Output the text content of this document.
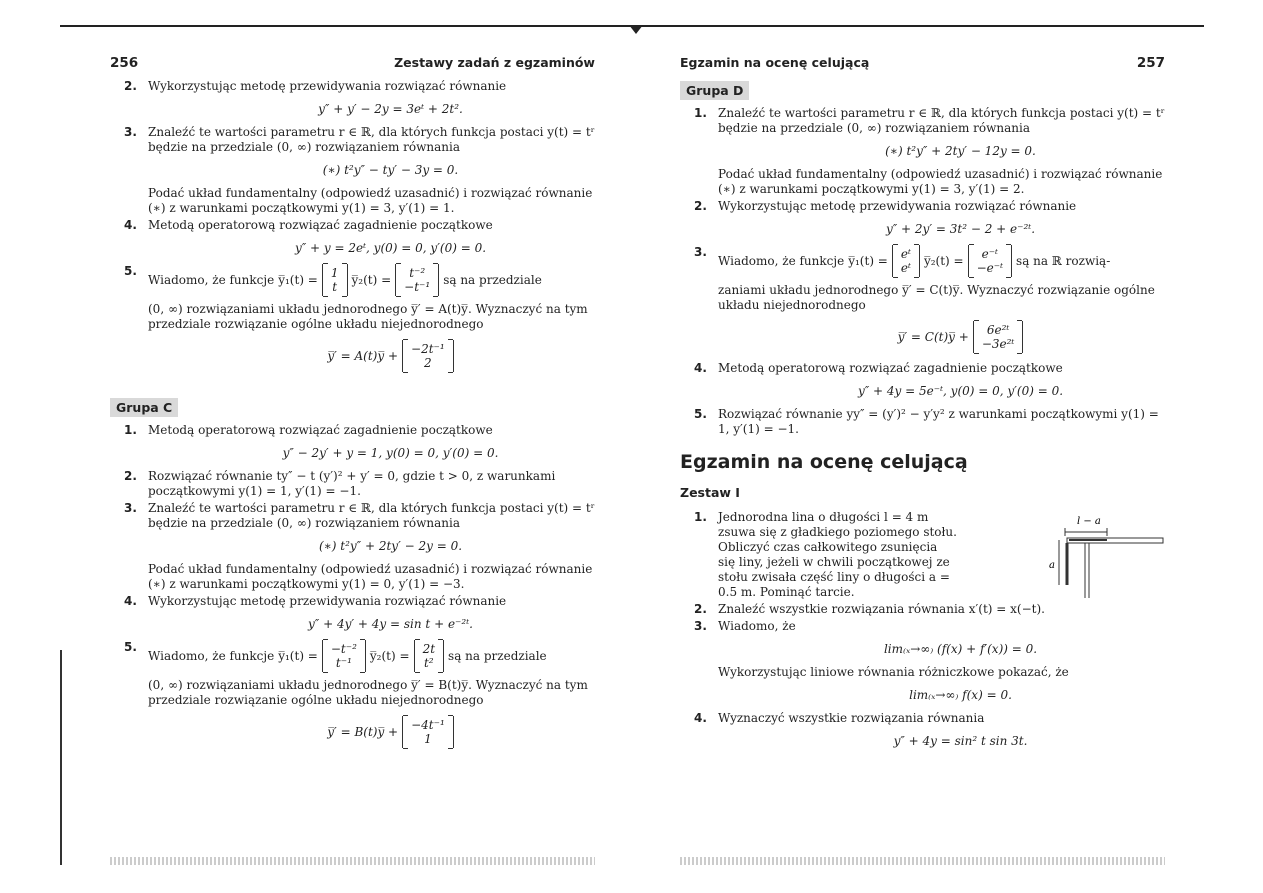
256	Zestawy zadań z egzaminów
2. Wykorzystując metodę przewidywania rozwiązać równanie

y″ + y′ − 2y = 3eᵗ + 2t².
3. Znaleźć te wartości parametru r ∈ ℝ, dla których funkcja postaci y(t) = tʳ będzie na przedziale (0, ∞) rozwiązaniem równania

(∗) t²y″ − ty′ − 3y = 0.

Podać układ fundamentalny (odpowiedź uzasadnić) i rozwiązać równanie (∗) z warunkami początkowymi y(1) = 3, y′(1) = 1.

4. Metodą operatorową rozwiązać zagadnienie początkowe

y″ + y = 2eᵗ, y(0) = 0, y′(0) = 0.
5.
Wiadomo, że funkcje y̅₁(t) = 1
t
y̅₂(t) =	t⁻²
−t⁻¹
są na przedziale

(0, ∞) rozwiązaniami układu jednorodnego y̅′ = A(t)y̅. Wyznaczyć na tym przedziale rozwiązanie ogólne układu niejednorodnego

y̅′ = A(t)y̅ + −2t⁻¹
2
Grupa C
1. Metodą operatorową rozwiązać zagadnienie początkowe

y″ − 2y′ + y = 1, y(0) = 0, y′(0) = 0.
2. Rozwiązać równanie ty″ − t (y′)² + y′ = 0, gdzie t > 0, z warunkami początkowymi y(1) = 1, y′(1) = −1.

3. Znaleźć te wartości parametru r ∈ ℝ, dla których funkcja postaci y(t) = tʳ będzie na przedziale (0, ∞) rozwiązaniem równania

(∗) t²y″ + 2ty′ − 2y = 0.

Podać układ fundamentalny (odpowiedź uzasadnić) i rozwiązać równanie (∗) z warunkami początkowymi y(1) = 0, y′(1) = −3.

4. Wykorzystując metodę przewidywania rozwiązać równanie

y″ + 4y′ + 4y = sin t + e⁻²ᵗ.
5.
Wiadomo, że funkcje y̅₁(t) = −t⁻²
t⁻¹
y̅₂(t) = 2t
t²
są na przedziale

(0, ∞) rozwiązaniami układu jednorodnego y̅′ = B(t)y̅. Wyznaczyć na tym przedziale rozwiązanie ogólne układu niejednorodnego

y̅′ = B(t)y̅ + −4t⁻¹
1
Egzamin na ocenę celującą	257
Grupa D
1. Znaleźć te wartości parametru r ∈ ℝ, dla których funkcja postaci y(t) = tʳ będzie na przedziale (0, ∞) rozwiązaniem równania

(∗) t²y″ + 2ty′ − 12y = 0.

Podać układ fundamentalny (odpowiedź uzasadnić) i rozwiązać równanie (∗) z warunkami początkowymi y(1) = 3, y′(1) = 2.

2. Wykorzystując metodę przewidywania rozwiązać równanie

y″ + 2y′ = 3t² − 2 + e⁻²ᵗ.
3.
Wiadomo, że funkcje y̅₁(t) = eᵗ
eᵗ
y̅₂(t) =	e⁻ᵗ
−e⁻ᵗ
są na ℝ rozwią-

zaniami układu jednorodnego y̅′ = C(t)y̅. Wyznaczyć rozwiązanie ogólne układu niejednorodnego

y̅′ = C(t)y̅ +	6e²ᵗ
−3e²ᵗ
4. Metodą operatorową rozwiązać zagadnienie początkowe

y″ + 4y = 5e⁻ᵗ, y(0) = 0, y′(0) = 0.
5. Rozwiązać równanie yy″ = (y′)² − y′y² z warunkami początkowymi y(1) = 1, y′(1) = −1.

Egzamin na ocenę celującą
Zestaw I
1. Jednorodna lina o długości l = 4 m zsuwa się z gładkiego poziomego stołu. Obliczyć czas całkowitego zsunięcia się liny, jeżeli w chwili początkowej ze stołu zwisała część liny o długości a = 0.5 m. Pominąć tarcie.

l − a
a
2. Znaleźć wszystkie rozwiązania równania x′(t) = x(−t).

3. Wiadomo, że

lim₍ₓ→∞₎ (f(x) + f′(x)) = 0.

Wykorzystując liniowe równania różniczkowe pokazać, że

lim₍ₓ→∞₎ f(x) = 0.
4. Wyznaczyć wszystkie rozwiązania równania

y″ + 4y = sin² t sin 3t.
